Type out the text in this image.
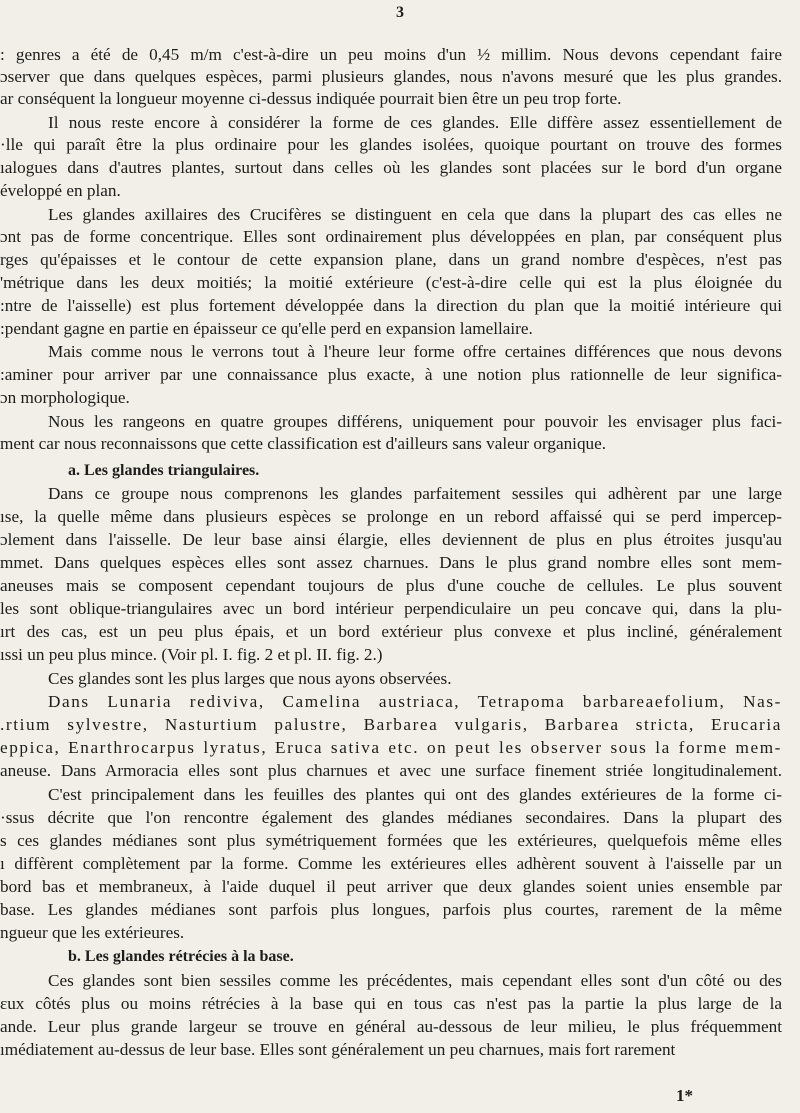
3
: genres a été de 0,45 m/m c'est-à-dire un peu moins d'un ½ millim. Nous devons cependant faire
ɔserver que dans quelques espèces, parmi plusieurs glandes, nous n'avons mesuré que les plus grandes.
ar conséquent la longueur moyenne ci-dessus indiquée pourrait bien être un peu trop forte.
Il nous reste encore à considérer la forme de ces glandes. Elle diffère assez essentiellement de
·lle qui paraît être la plus ordinaire pour les glandes isolées, quoique pourtant on trouve des formes
ıalogues dans d'autres plantes, surtout dans celles où les glandes sont placées sur le bord d'un organe
éveloppé en plan.
Les glandes axillaires des Crucifères se distinguent en cela que dans la plupart des cas elles ne
ɔnt pas de forme concentrique. Elles sont ordinairement plus développées en plan, par conséquent plus
rges qu'épaisses et le contour de cette expansion plane, dans un grand nombre d'espèces, n'est pas
'métrique dans les deux moitiés; la moitié extérieure (c'est-à-dire celle qui est la plus éloignée du
:ntre de l'aisselle) est plus fortement développée dans la direction du plan que la moitié intérieure qui
:pendant gagne en partie en épaisseur ce qu'elle perd en expansion lamellaire.
Mais comme nous le verrons tout à l'heure leur forme offre certaines différences que nous devons
:aminer pour arriver par une connaissance plus exacte, à une notion plus rationnelle de leur significa-
ɔn morphologique.
Nous les rangeons en quatre groupes différens, uniquement pour pouvoir les envisager plus faci-
ment car nous reconnaissons que cette classification est d'ailleurs sans valeur organique.
a. Les glandes triangulaires.
Dans ce groupe nous comprenons les glandes parfaitement sessiles qui adhèrent par une large
ıse, la quelle même dans plusieurs espèces se prolonge en un rebord affaissé qui se perd impercep-
ɔlement dans l'aisselle. De leur base ainsi élargie, elles deviennent de plus en plus étroites jusqu'au
mmet. Dans quelques espèces elles sont assez charnues. Dans le plus grand nombre elles sont mem-
aneuses mais se composent cependant toujours de plus d'une couche de cellules. Le plus souvent
les sont oblique-triangulaires avec un bord intérieur perpendiculaire un peu concave qui, dans la plu-
ırt des cas, est un peu plus épais, et un bord extérieur plus convexe et plus incliné, généralement
ıssi un peu plus mince. (Voir pl. I. fig. 2 et pl. II. fig. 2.)
Ces glandes sont les plus larges que nous ayons observées.
Dans Lunaria rediviva, Camelina austriaca, Tetrapoma barbareaefolium, Nas-
.rtium sylvestre, Nasturtium palustre, Barbarea vulgaris, Barbarea stricta, Erucaria
eppica, Enarthrocarpus lyratus, Eruca sativa etc. on peut les observer sous la forme mem-
aneuse. Dans Armoracia elles sont plus charnues et avec une surface finement striée longitudinalement.
C'est principalement dans les feuilles des plantes qui ont des glandes extérieures de la forme ci-
·ssus décrite que l'on rencontre également des glandes médianes secondaires. Dans la plupart des
s ces glandes médianes sont plus symétriquement formées que les extérieures, quelquefois même elles
ı diffèrent complètement par la forme. Comme les extérieures elles adhèrent souvent à l'aisselle par un
bord bas et membraneux, à l'aide duquel il peut arriver que deux glandes soient unies ensemble par
base. Les glandes médianes sont parfois plus longues, parfois plus courtes, rarement de la même
ngueur que les extérieures.
b. Les glandes rétrécies à la base.
Ces glandes sont bien sessiles comme les précédentes, mais cependant elles sont d'un côté ou des
ɛux côtés plus ou moins rétrécies à la base qui en tous cas n'est pas la partie la plus large de la
ande. Leur plus grande largeur se trouve en général au-dessous de leur milieu, le plus fréquemment
ımédiatement au-dessus de leur base. Elles sont généralement un peu charnues, mais fort rarement
1*
